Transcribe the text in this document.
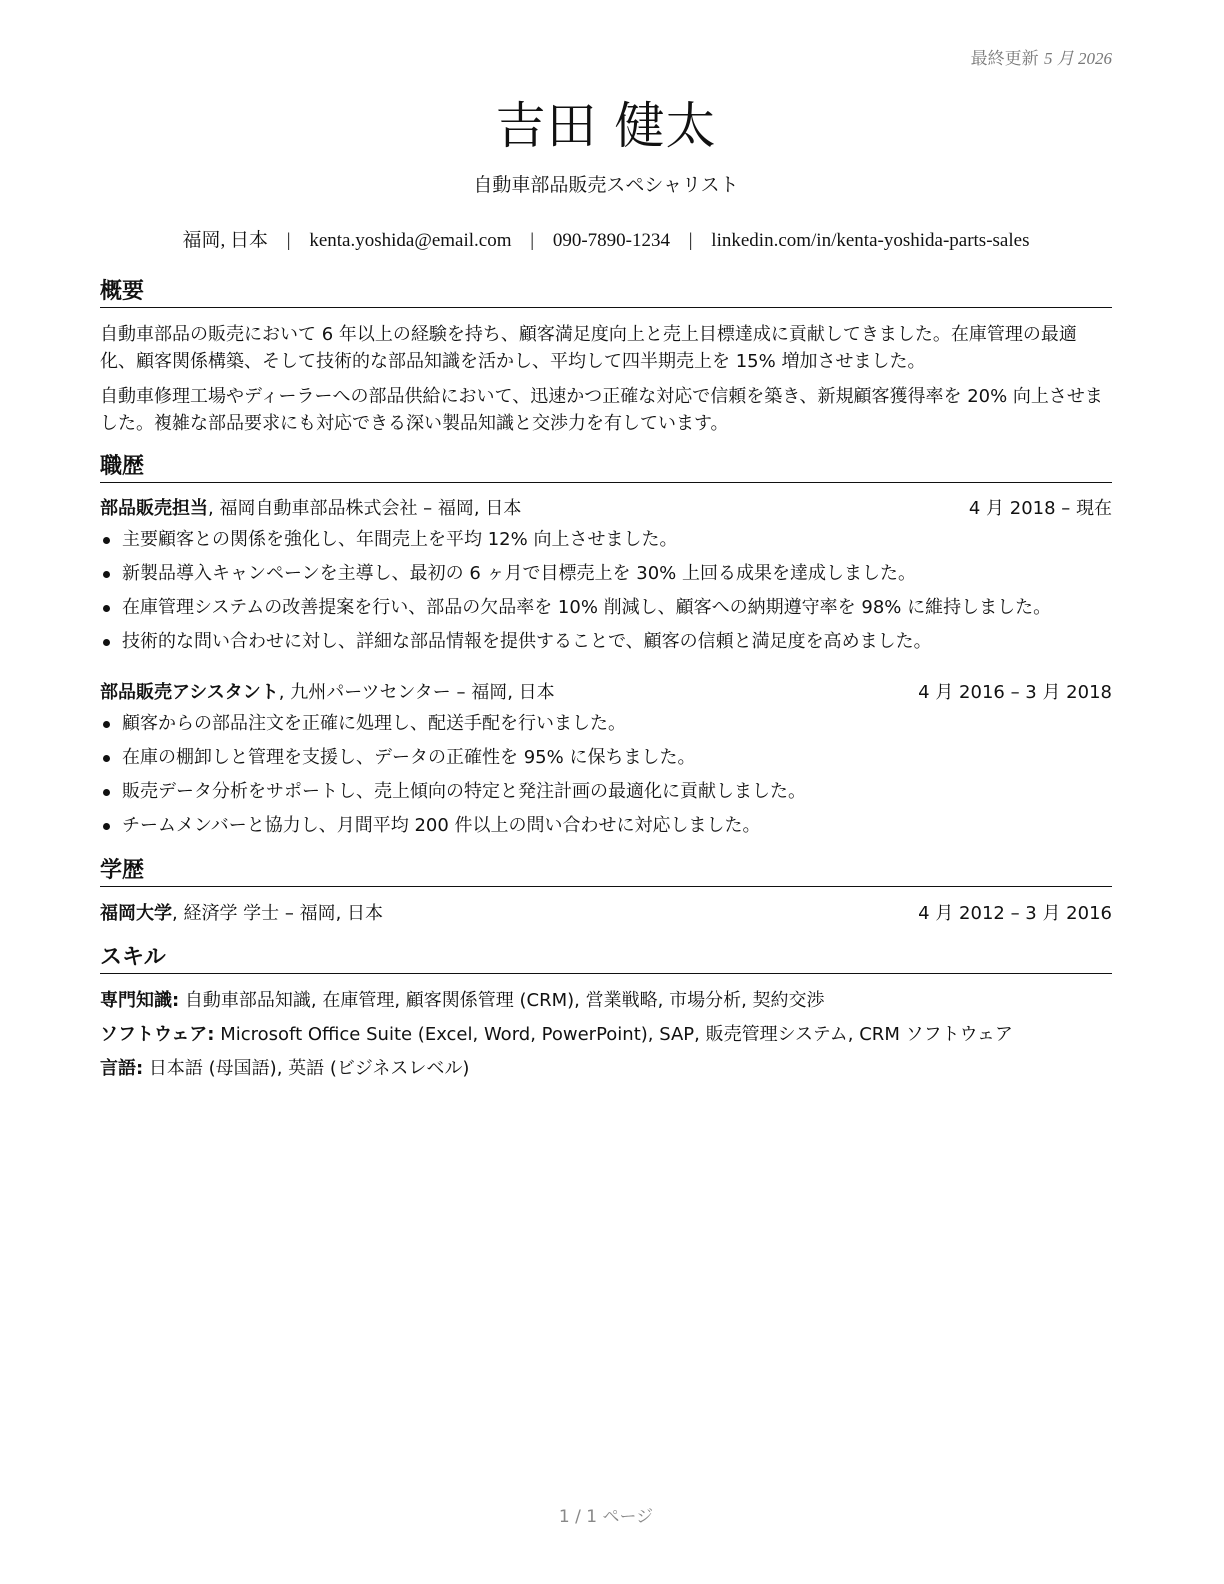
最終更新 5 月 2026
吉田 健太
自動車部品販売スペシャリスト
福岡, 日本 | kenta.yoshida@email.com | 090-7890-1234 | linkedin.com/in/kenta-yoshida-parts-sales
概要
自動車部品の販売において 6 年以上の経験を持ち、顧客満足度向上と売上目標達成に貢献してきました。在庫管理の最適化、顧客関係構築、そして技術的な部品知識を活かし、平均して四半期売上を 15% 増加させました。
自動車修理工場やディーラーへの部品供給において、迅速かつ正確な対応で信頼を築き、新規顧客獲得率を 20% 向上させました。複雑な部品要求にも対応できる深い製品知識と交渉力を有しています。
職歴
部品販売担当, 福岡自動車部品株式会社 – 福岡, 日本	4 月 2018 – 現在
主要顧客との関係を強化し、年間売上を平均 12% 向上させました。
新製品導入キャンペーンを主導し、最初の 6 ヶ月で目標売上を 30% 上回る成果を達成しました。
在庫管理システムの改善提案を行い、部品の欠品率を 10% 削減し、顧客への納期遵守率を 98% に維持しました。
技術的な問い合わせに対し、詳細な部品情報を提供することで、顧客の信頼と満足度を高めました。
部品販売アシスタント, 九州パーツセンター – 福岡, 日本	4 月 2016 – 3 月 2018
顧客からの部品注文を正確に処理し、配送手配を行いました。
在庫の棚卸しと管理を支援し、データの正確性を 95% に保ちました。
販売データ分析をサポートし、売上傾向の特定と発注計画の最適化に貢献しました。
チームメンバーと協力し、月間平均 200 件以上の問い合わせに対応しました。
学歴
福岡大学, 経済学 学士 – 福岡, 日本	4 月 2012 – 3 月 2016
スキル
専門知識: 自動車部品知識, 在庫管理, 顧客関係管理 (CRM), 営業戦略, 市場分析, 契約交渉
ソフトウェア: Microsoft Office Suite (Excel, Word, PowerPoint), SAP, 販売管理システム, CRM ソフトウェア
言語: 日本語 (母国語), 英語 (ビジネスレベル)
1 / 1 ページ
